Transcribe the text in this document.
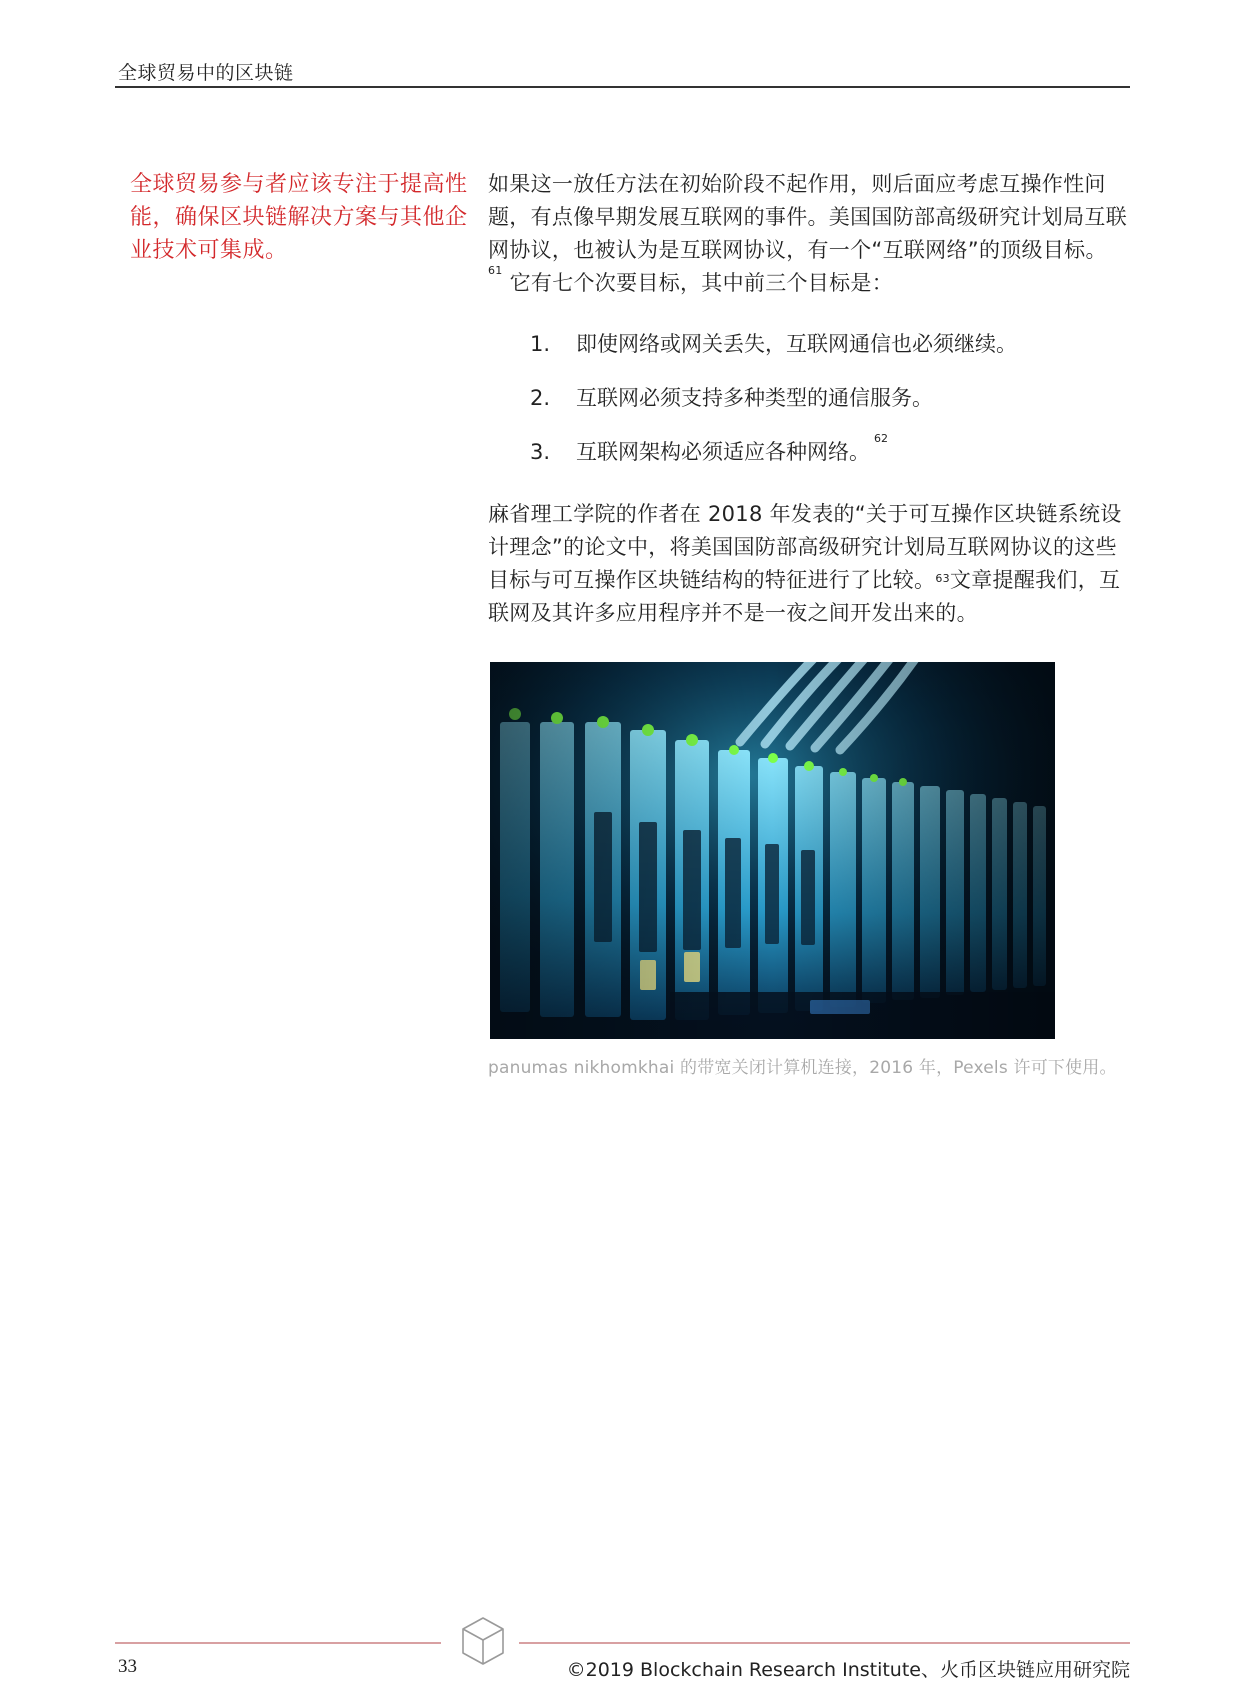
全球贸易中的区块链
全球贸易参与者应该专注于提高性能，确保区块链解决方案与其他企业技术可集成。

如果这一放任方法在初始阶段不起作用，则后面应考虑互操作性问题，有点像早期发展互联网的事件。美国国防部高级研究计划局互联网协议，也被认为是互联网协议，有一个“互联网络”的顶级目标。
$^{61}$ 它有七个次要目标，其中前三个目标是：

1. 即使网络或网关丢失，互联网通信也必须继续。
2. 互联网必须支持多种类型的通信服务。
3. 互联网架构必须适应各种网络。$^{62}$

麻省理工学院的作者在 2018 年发表的“关于可互操作区块链系统设计理念”的论文中，将美国国防部高级研究计划局互联网协议的这些目标与可互操作区块链结构的特征进行了比较。$^{63}$文章提醒我们，互联网及其许多应用程序并不是一夜之间开发出来的。

panumas nikhomkhai 的带宽关闭计算机连接，2016 年，Pexels 许可下使用。
33	©2019 Blockchain Research Institute、火币区块链应用研究院
